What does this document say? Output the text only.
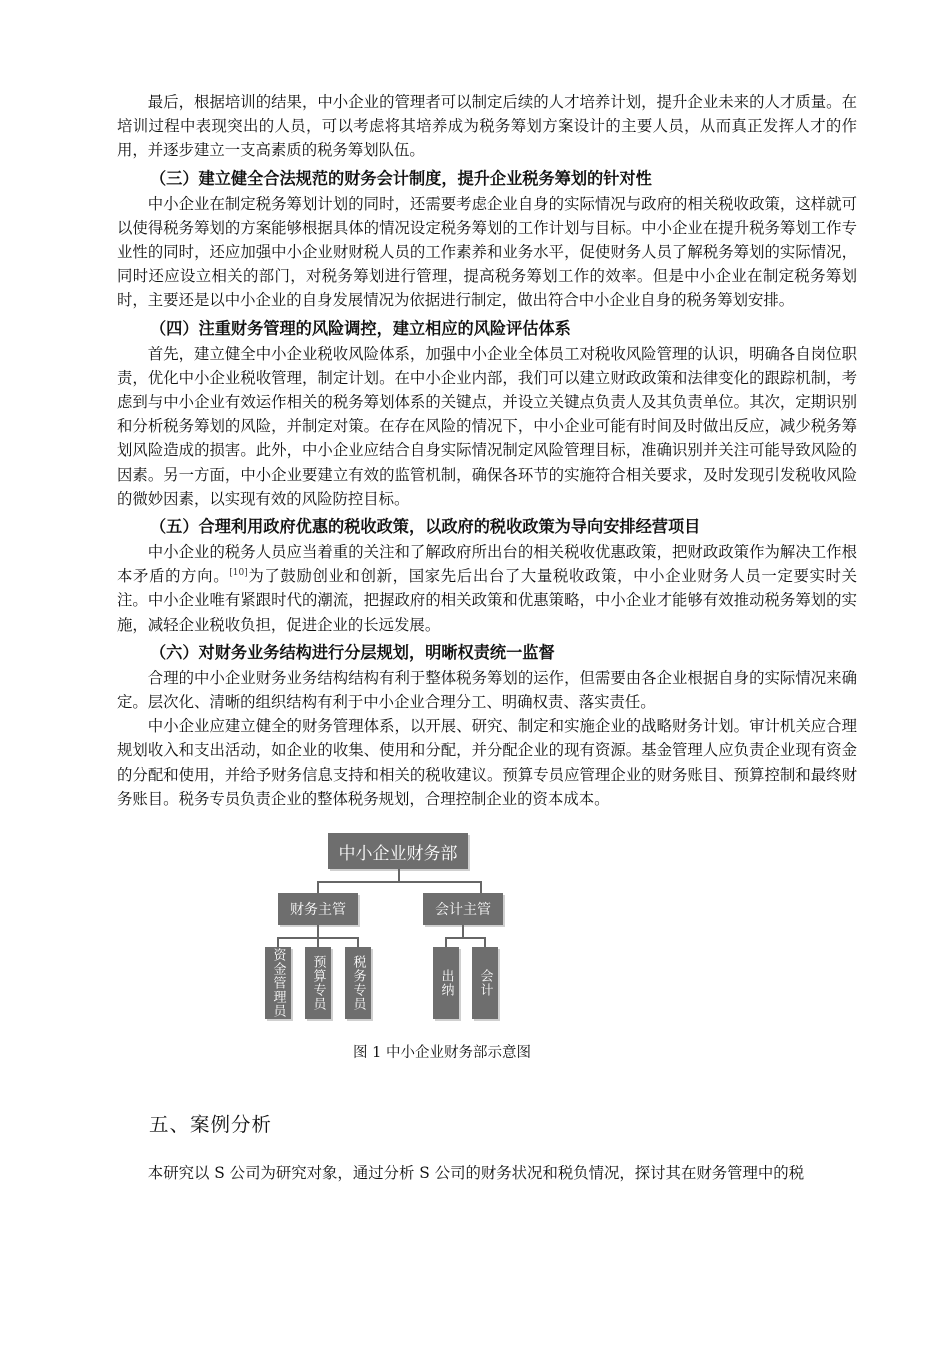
最后，根据培训的结果，中小企业的管理者可以制定后续的人才培养计划，提升企业未来的人才质量。在培训过程中表现突出的人员，可以考虑将其培养成为税务筹划方案设计的主要人员，从而真正发挥人才的作用，并逐步建立一支高素质的税务筹划队伍。

（三）建立健全合法规范的财务会计制度，提升企业税务筹划的针对性

中小企业在制定税务筹划计划的同时，还需要考虑企业自身的实际情况与政府的相关税收政策，这样就可以使得税务筹划的方案能够根据具体的情况设定税务筹划的工作计划与目标。中小企业在提升税务筹划工作专业性的同时，还应加强中小企业财财税人员的工作素养和业务水平，促使财务人员了解税务筹划的实际情况，同时还应设立相关的部门，对税务筹划进行管理，提高税务筹划工作的效率。但是中小企业在制定税务筹划时，主要还是以中小企业的自身发展情况为依据进行制定，做出符合中小企业自身的税务筹划安排。

（四）注重财务管理的风险调控，建立相应的风险评估体系

首先，建立健全中小企业税收风险体系，加强中小企业全体员工对税收风险管理的认识，明确各自岗位职责，优化中小企业税收管理，制定计划。在中小企业内部，我们可以建立财政政策和法律变化的跟踪机制，考虑到与中小企业有效运作相关的税务筹划体系的关键点，并设立关键点负责人及其负责单位。其次，定期识别和分析税务筹划的风险，并制定对策。在存在风险的情况下，中小企业可能有时间及时做出反应，减少税务筹划风险造成的损害。此外，中小企业应结合自身实际情况制定风险管理目标，准确识别并关注可能导致风险的因素。另一方面，中小企业要建立有效的监管机制，确保各环节的实施符合相关要求，及时发现引发税收风险的微妙因素，以实现有效的风险防控目标。

（五）合理利用政府优惠的税收政策，以政府的税收政策为导向安排经营项目

中小企业的税务人员应当着重的关注和了解政府所出台的相关税收优惠政策，把财政政策作为解决工作根本矛盾的方向。[10]为了鼓励创业和创新，国家先后出台了大量税收政策，中小企业财务人员一定要实时关注。中小企业唯有紧跟时代的潮流，把握政府的相关政策和优惠策略，中小企业才能够有效推动税务筹划的实施，减轻企业税收负担，促进企业的长远发展。

（六）对财务业务结构进行分层规划，明晰权责统一监督

合理的中小企业财务业务结构结构有利于整体税务筹划的运作，但需要由各企业根据自身的实际情况来确定。层次化、清晰的组织结构有利于中小企业合理分工、明确权责、落实责任。

中小企业应建立健全的财务管理体系，以开展、研究、制定和实施企业的战略财务计划。审计机关应合理规划收入和支出活动，如企业的收集、使用和分配，并分配企业的现有资源。基金管理人应负责企业现有资金的分配和使用，并给予财务信息支持和相关的税收建议。预算专员应管理企业的财务账目、预算控制和最终财务账目。税务专员负责企业的整体税务规划，合理控制企业的资本成本。

中小企业财务部
财务主管	会计主管
资金管理员	预算专员	税务专员	出纳	会计
图 1 中小企业财务部示意图
五、案例分析

本研究以 S 公司为研究对象，通过分析 S 公司的财务状况和税负情况，探讨其在财务管理中的税
